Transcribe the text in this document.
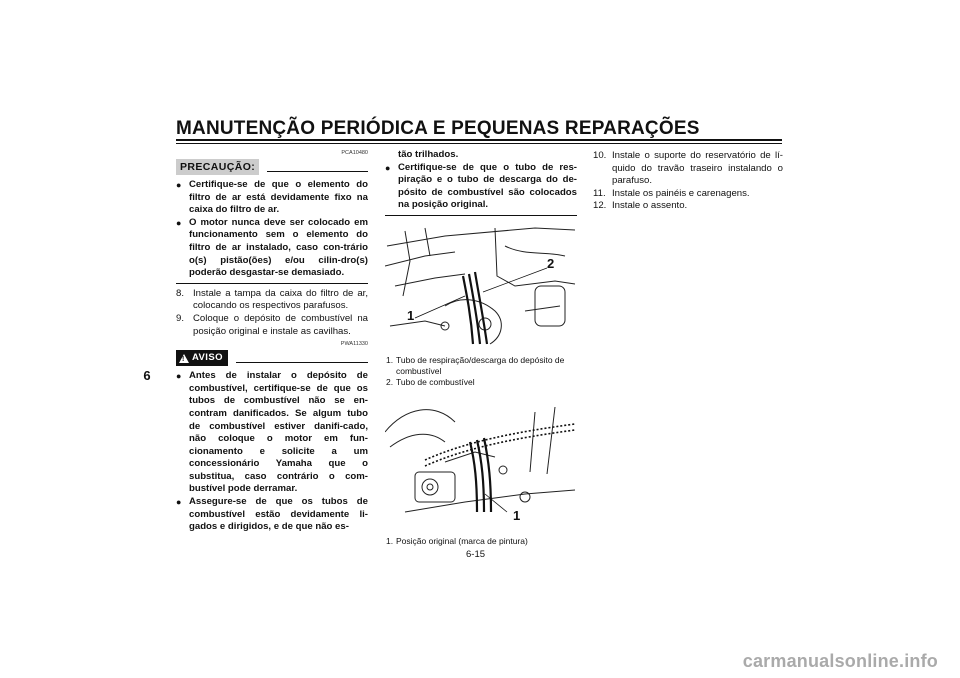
MANUTENÇÃO PERIÓDICA E PEQUENAS REPARAÇÕES
6
PCA10480
PRECAUÇÃO:
● Certifique-se de que o elemento do filtro de ar está devidamente fixo na caixa do filtro de ar.
● O motor nunca deve ser colocado em funcionamento sem o elemento do filtro de ar instalado, caso con-trário o(s) pistão(ões) e/ou cilin-dro(s) poderão desgastar-se demasiado.
8. Instale a tampa da caixa do filtro de ar, colocando os respectivos parafusos.
9. Coloque o depósito de combustível na posição original e instale as cavilhas.
PWA11330
!
AVISO
● Antes de instalar o depósito de combustível, certifique-se de que os tubos de combustível não se en-contram danificados. Se algum tubo de combustível estiver danifi-cado, não coloque o motor em fun-cionamento e solicite a um concessionário Yamaha que o substitua, caso contrário o com-bustível pode derramar.
● Assegure-se de que os tubos de combustível estão devidamente li-gados e dirigidos, e de que não es-
tão trilhados.
● Certifique-se de que o tubo de res-piração e o tubo de descarga do de-pósito de combustível são colocados na posição original.
1
2
1. Tubo de respiração/descarga do depósito de combustível
2. Tubo de combustível
1
1. Posição original (marca de pintura)
10. Instale o suporte do reservatório de lí-quido do travão traseiro instalando o parafuso.
11. Instale os painéis e carenagens.
12. Instale o assento.
6-15
carmanualsonline.info
